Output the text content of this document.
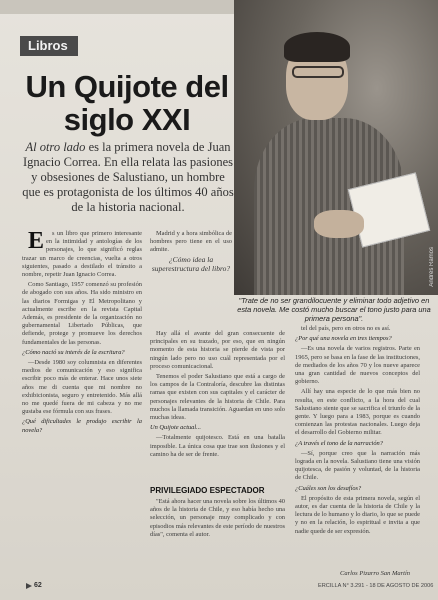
Libros
Un Quijote del siglo XXI
Al otro lado es la primera novela de Juan Ignacio Correa. En ella relata las pasiones y obsesiones de Salustiano, un hombre que es protagonista de los últimos 40 años de la historia nacional.
Andrés Ramos
"Trate de no ser grandilocuente y eliminar todo adjetivo en esta novela. Me costó mucho buscar el tono justo para una primera persona".

E s un libro que primero interesante en la intimidad y antologías de los personajes, lo que significó reglas trazar un marco de creencias, vuelta a otros siguientes, pasado a destilado el tránsito a nombre, repetir Juan Ignacio Correa.

Como Santiago, 1957 comenzó su profesión de abogado con sus años. Ha sido ministro en las diarios Formigas y El Metropolitano y actualmente escribe en la revista Capital Además, es presidente de la organización no gubernamental Libertado Públicas, que defiende, protege y promueve los derechos fundamentales de las personas.

¿Cómo nació su interés de la escritura?

—Desde 1980 soy columnista en diferentes medios de comunicación y eso significa escribir poco más de enterar. Hace unos siete años me di cuenta que mi nombre no exhibicionista, seguro y entretenido. Más allá no me quedé fuera de mi cabeza y no me gustaba ese fórmula con sus frases.

¿Qué dificultades le produjo escribir la novela?

Madrid y a hora simbólica de hombres pero tiene en el uso admite.

¿Cómo idea la superestructura del libro?

Hay allá el avante del gran consecuente de principales en su trazado, por eso, que en ningún momento de esta historia se pierde de vista por ningún lado pero no uso cuál representada por el proceso comunicacional.

Tenemos el poder Salustiano que está a cargo de los campos de la Contraloría, descubre las distintas ramas que existen con sus capitales y el carácter de personajes relevantes de la historia de Chile. Para muchos la llamada transición. Aguardan en uno solo muchas ideas.

Un Quijote actual...

—Totalmente quijotesco. Está en una batalla imposible. La única cosa que trae son ilusiones y el camino ha de ser de frente.

PRIVILEGIADO ESPECTADOR

"Está ahora hacer una novela sobre los últimos 40 años de la historia de Chile, y eso había hecho una selección, un personaje muy complicado y con episodios más relevantes de este período de nuestros días", comenta el autor.

tel del país, pero en otros no es así.

¿Por qué una novela en tres tiempos?

—Es una novela de varios registros. Parte en 1965, pero se basa en la fase de las instituciones, de mediados de los años 70 y los nueve aparece una gran cantidad de nuevos conceptos del gobierno.

Allí hay una especie de lo que más bien no resulta, en este conflicto, a la hora del cual Salustiano siente que se sacrifica el triunfo de la gente. Y luego para a 1983, porque es cuando comienzan las protestas nacionales. Luego deja el desarrollo del Gobierno militar.

¿A través el tono de la narración?

—Sí, porque creo que la narración más lograda en la novela. Salustiano tiene una visión quijotesca, de pasión y voluntad, de la historia de Chile.

¿Cuáles son los desafíos?

El propósito de esta primera novela, según el autor, es dar cuenta de la historia de Chile y la lectura de lo humano y lo diario, lo que se puede y no en la relación, lo espiritual e invita a que nadie quede de ser expresión.

Carlos Pizarro San Martín
62	ERCILLA N° 3.291 - 18 DE AGOSTO DE 2006
